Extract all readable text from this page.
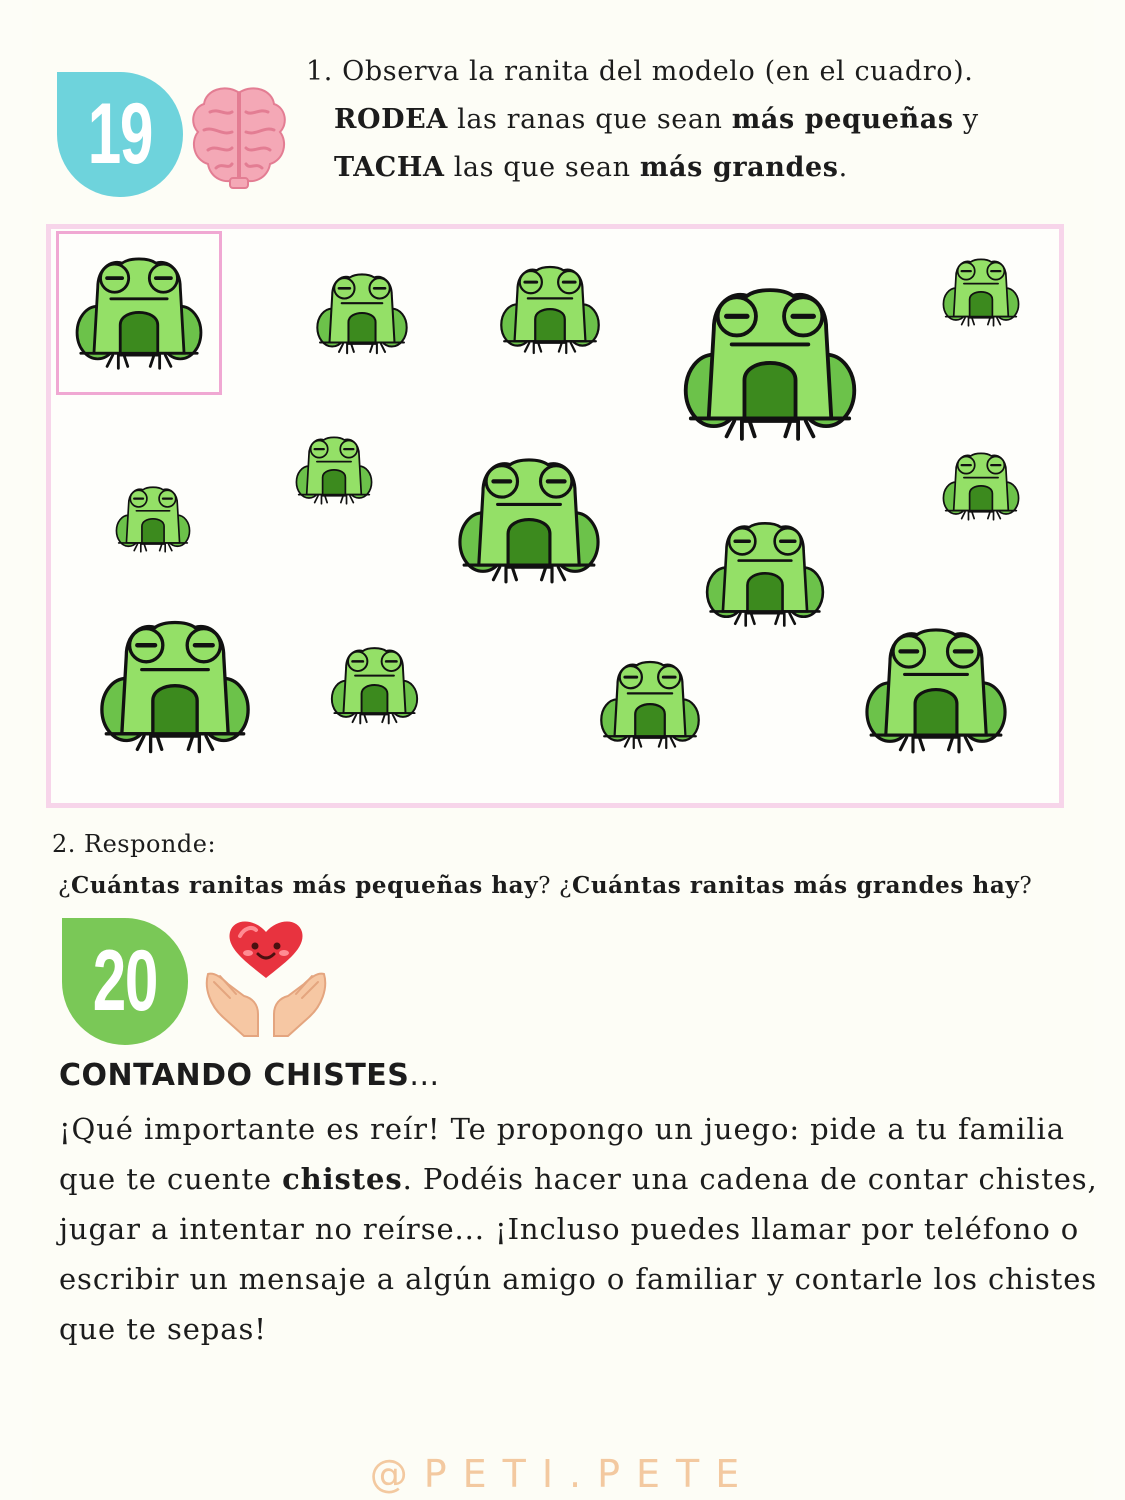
19
1. Observa la ranita del modelo (en el cuadro).
RODEA las ranas que sean más pequeñas y
TACHA las que sean más grandes.
2. Responde:
¿Cuántas ranitas más pequeñas hay? ¿Cuántas ranitas más grandes hay?
20
CONTANDO CHISTES...
¡Qué importante es reír! Te propongo un juego: pide a tu familia que te cuente chistes. Podéis hacer una cadena de contar chistes, jugar a intentar no reírse... ¡Incluso puedes llamar por teléfono o escribir un mensaje a algún amigo o familiar y contarle los chistes que te sepas!
@PETI.PETE
